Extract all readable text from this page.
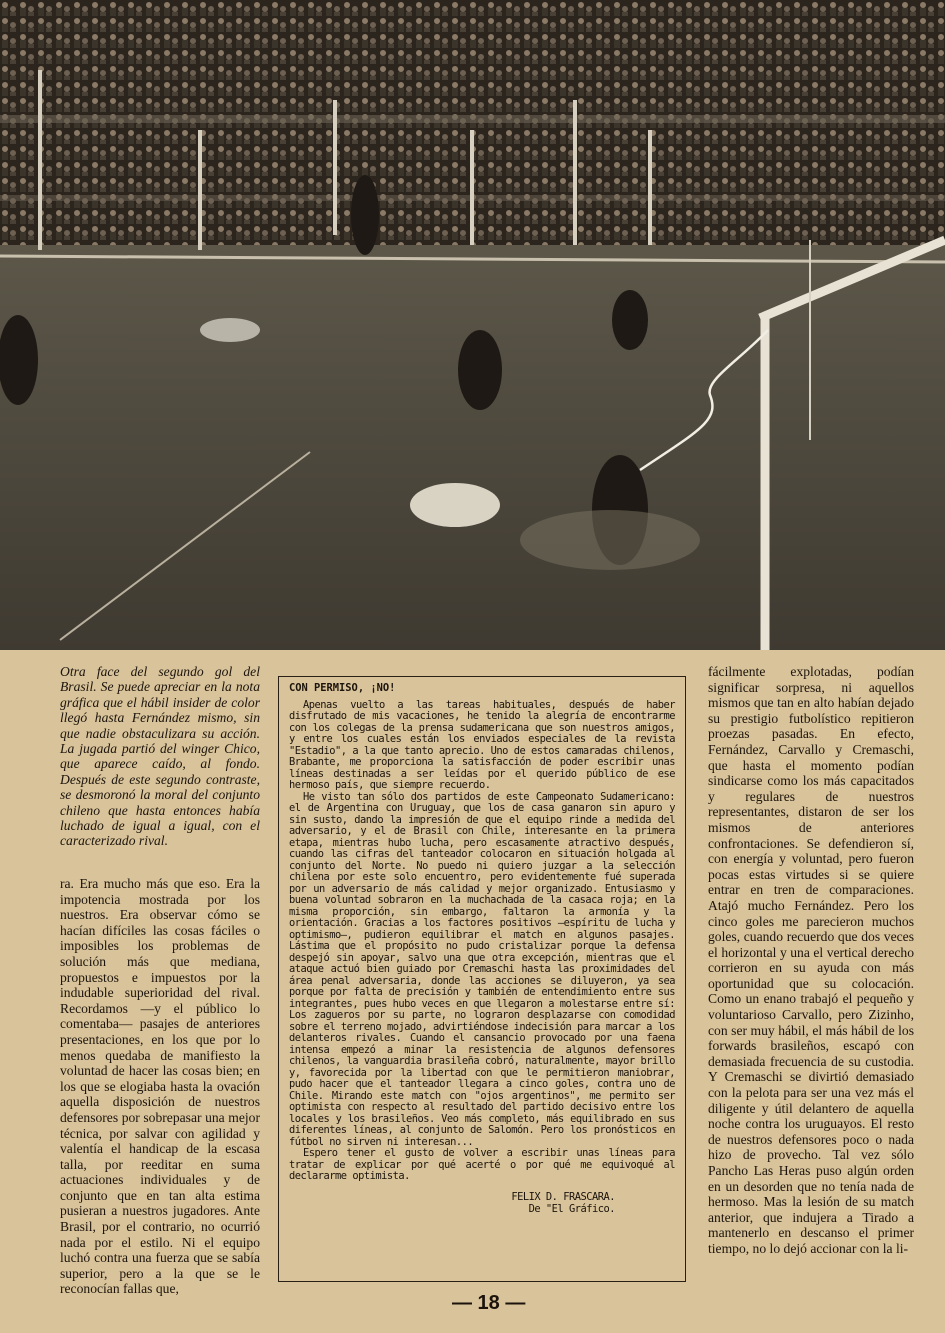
Otra face del segundo gol del Brasil. Se puede apreciar en la nota gráfica que el hábil insider de color llegó hasta Fernández mismo, sin que nadie obstaculizara su acción. La jugada partió del winger Chico, que aparece caído, al fondo. Después de este segundo contraste, se desmoronó la moral del conjunto chileno que hasta entonces había luchado de igual a igual, con el caracterizado rival.

ra. Era mucho más que eso. Era la impotencia mostrada por los nuestros. Era observar cómo se hacían difíciles las cosas fáciles o imposibles los problemas de solución más que mediana, propuestos e impuestos por la indudable superioridad del rival. Recordamos —y el público lo comentaba— pasajes de anteriores presentaciones, en los que por lo menos quedaba de manifiesto la voluntad de hacer las cosas bien; en los que se elogiaba hasta la ovación aquella disposición de nuestros defensores por sobrepasar una mejor técnica, por salvar con agilidad y valentía el handicap de la escasa talla, por reeditar en suma actuaciones individuales y de conjunto que en tan alta estima pusieran a nuestros jugadores. Ante Brasil, por el contrario, no ocurrió nada por el estilo. Ni el equipo luchó contra una fuerza que se sabía superior, pero a la que se le reconocían fallas que,

CON PERMISO, ¡NO!

Apenas vuelto a las tareas habituales, después de haber disfrutado de mis vacaciones, he tenido la alegría de encontrarme con los colegas de la prensa sudamericana que son nuestros amigos, y entre los cuales están los enviados especiales de la revista "Estadio", a la que tanto aprecio. Uno de estos camaradas chilenos, Brabante, me proporciona la satisfacción de poder escribir unas líneas destinadas a ser leídas por el querido público de ese hermoso país, que siempre recuerdo.

He visto tan sólo dos partidos de este Campeonato Sudamericano: el de Argentina con Uruguay, que los de casa ganaron sin apuro y sin susto, dando la impresión de que el equipo rinde a medida del adversario, y el de Brasil con Chile, interesante en la primera etapa, mientras hubo lucha, pero escasamente atractivo después, cuando las cifras del tanteador colocaron en situación holgada al conjunto del Norte. No puedo ni quiero juzgar a la selección chilena por este solo encuentro, pero evidentemente fué superada por un adversario de más calidad y mejor organizado. Entusiasmo y buena voluntad sobraron en la muchachada de la casaca roja; en la misma proporción, sin embargo, faltaron la armonía y la orientación. Gracias a los factores positivos —espíritu de lucha y optimismo—, pudieron equilibrar el match en algunos pasajes. Lástima que el propósito no pudo cristalizar porque la defensa despejó sin apoyar, salvo una que otra excepción, mientras que el ataque actuó bien guiado por Cremaschi hasta las proximidades del área penal adversaria, donde las acciones se diluyeron, ya sea porque por falta de precisión y también de entendimiento entre sus integrantes, pues hubo veces en que llegaron a molestarse entre sí: Los zagueros por su parte, no lograron desplazarse con comodidad sobre el terreno mojado, advirtiéndose indecisión para marcar a los delanteros rivales. Cuando el cansancio provocado por una faena intensa empezó a minar la resistencia de algunos defensores chilenos, la vanguardia brasileña cobró, naturalmente, mayor brillo y, favorecida por la libertad con que le permitieron maniobrar, pudo hacer que el tanteador llegara a cinco goles, contra uno de Chile. Mirando este match con "ojos argentinos", me permito ser optimista con respecto al resultado del partido decisivo entre los locales y los brasileños. Veo más completo, más equilibrado en sus diferentes líneas, al conjunto de Salomón. Pero los pronósticos en fútbol no sirven ni interesan...

Espero tener el gusto de volver a escribir unas líneas para tratar de explicar por qué acerté o por qué me equivoqué al declararme optimista.

FELIX D. FRASCARA.
De "El Gráfico.

fácilmente explotadas, podían significar sorpresa, ni aquellos mismos que tan en alto habían dejado su prestigio futbolístico repitieron proezas pasadas. En efecto, Fernández, Carvallo y Cremaschi, que hasta el momento podían sindicarse como los más capacitados y regulares de nuestros representantes, distaron de ser los mismos de anteriores confrontaciones. Se defendieron sí, con energía y voluntad, pero fueron pocas estas virtudes si se quiere entrar en tren de comparaciones. Atajó mucho Fernández. Pero los cinco goles me parecieron muchos goles, cuando recuerdo que dos veces el horizontal y una el vertical derecho corrieron en su ayuda con más oportunidad que su colocación. Como un enano trabajó el pequeño y voluntarioso Carvallo, pero Zizinho, con ser muy hábil, el más hábil de los forwards brasileños, escapó con demasiada frecuencia de su custodia. Y Cremaschi se divirtió demasiado con la pelota para ser una vez más el diligente y útil delantero de aquella noche contra los uruguayos. El resto de nuestros defensores poco o nada hizo de provecho. Tal vez sólo Pancho Las Heras puso algún orden en un desorden que no tenía nada de hermoso. Mas la lesión de su match anterior, que indujera a Tirado a mantenerlo en descanso el primer tiempo, no lo dejó accionar con la li-

— 18 —
